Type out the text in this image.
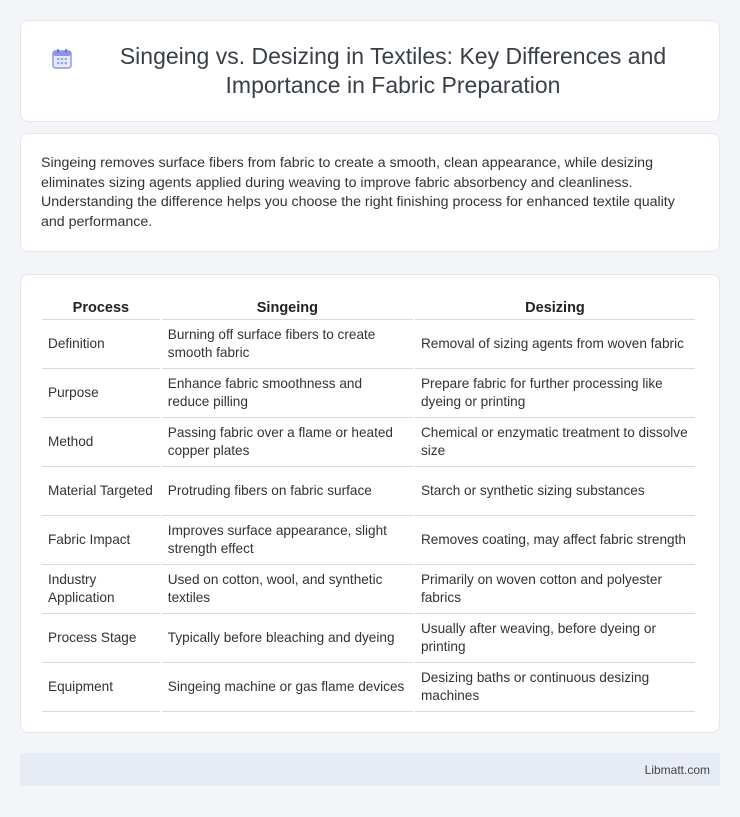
Singeing vs. Desizing in Textiles: Key Differences and Importance in Fabric Preparation

Singeing removes surface fibers from fabric to create a smooth, clean appearance, while desizing eliminates sizing agents applied during weaving to improve fabric absorbency and cleanliness. Understanding the difference helps you choose the right finishing process for enhanced textile quality and performance.

Process	Singeing	Desizing
Definition	Burning off surface fibers to create smooth fabric	Removal of sizing agents from woven fabric
Purpose	Enhance fabric smoothness and reduce pilling	Prepare fabric for further processing like dyeing or printing
Method	Passing fabric over a flame or heated copper plates	Chemical or enzymatic treatment to dissolve size
Material Targeted	Protruding fibers on fabric surface	Starch or synthetic sizing substances
Fabric Impact	Improves surface appearance, slight strength effect	Removes coating, may affect fabric strength
Industry Application	Used on cotton, wool, and synthetic textiles	Primarily on woven cotton and polyester fabrics
Process Stage	Typically before bleaching and dyeing	Usually after weaving, before dyeing or printing
Equipment	Singeing machine or gas flame devices	Desizing baths or continuous desizing machines
Libmatt.com
